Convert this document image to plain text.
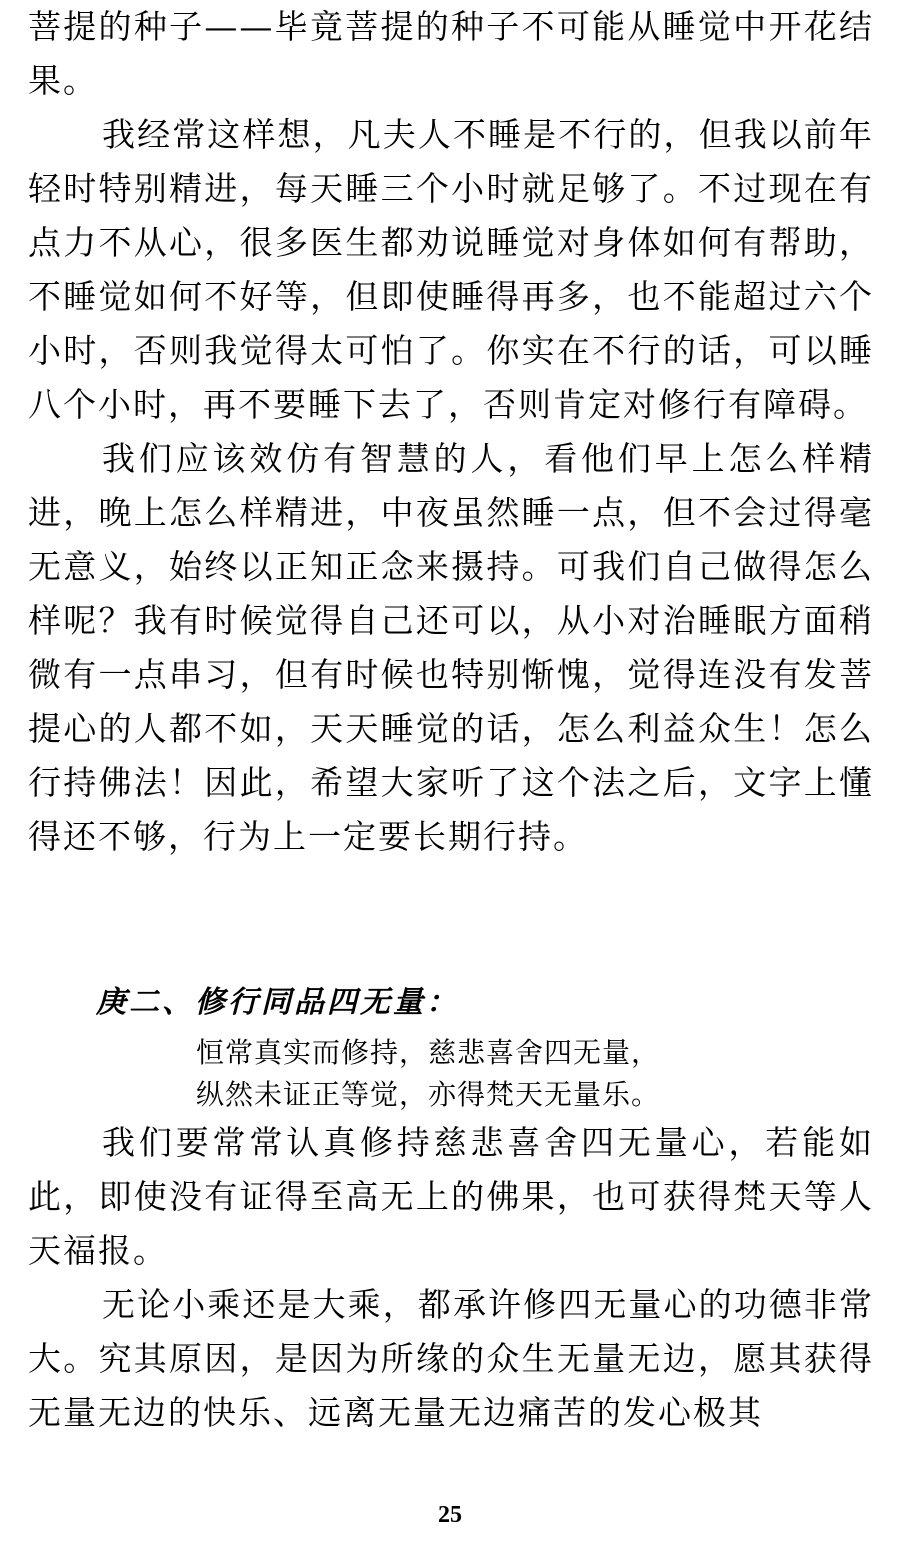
菩提的种子——毕竟菩提的种子不可能从睡觉中开花结果。

我经常这样想，凡夫人不睡是不行的，但我以前年轻时特别精进，每天睡三个小时就足够了。不过现在有点力不从心，很多医生都劝说睡觉对身体如何有帮助，不睡觉如何不好等，但即使睡得再多，也不能超过六个小时，否则我觉得太可怕了。你实在不行的话，可以睡八个小时，再不要睡下去了，否则肯定对修行有障碍。

我们应该效仿有智慧的人，看他们早上怎么样精进，晚上怎么样精进，中夜虽然睡一点，但不会过得毫无意义，始终以正知正念来摄持。可我们自己做得怎么样呢？我有时候觉得自己还可以，从小对治睡眠方面稍微有一点串习，但有时候也特别惭愧，觉得连没有发菩提心的人都不如，天天睡觉的话，怎么利益众生！怎么行持佛法！因此，希望大家听了这个法之后，文字上懂得还不够，行为上一定要长期行持。

庚二、修行同品四无量：

恒常真实而修持，慈悲喜舍四无量，
纵然未证正等觉，亦得梵天无量乐。

我们要常常认真修持慈悲喜舍四无量心，若能如此，即使没有证得至高无上的佛果，也可获得梵天等人天福报。

无论小乘还是大乘，都承许修四无量心的功德非常大。究其原因，是因为所缘的众生无量无边，愿其获得无量无边的快乐、远离无量无边痛苦的发心极其

25
